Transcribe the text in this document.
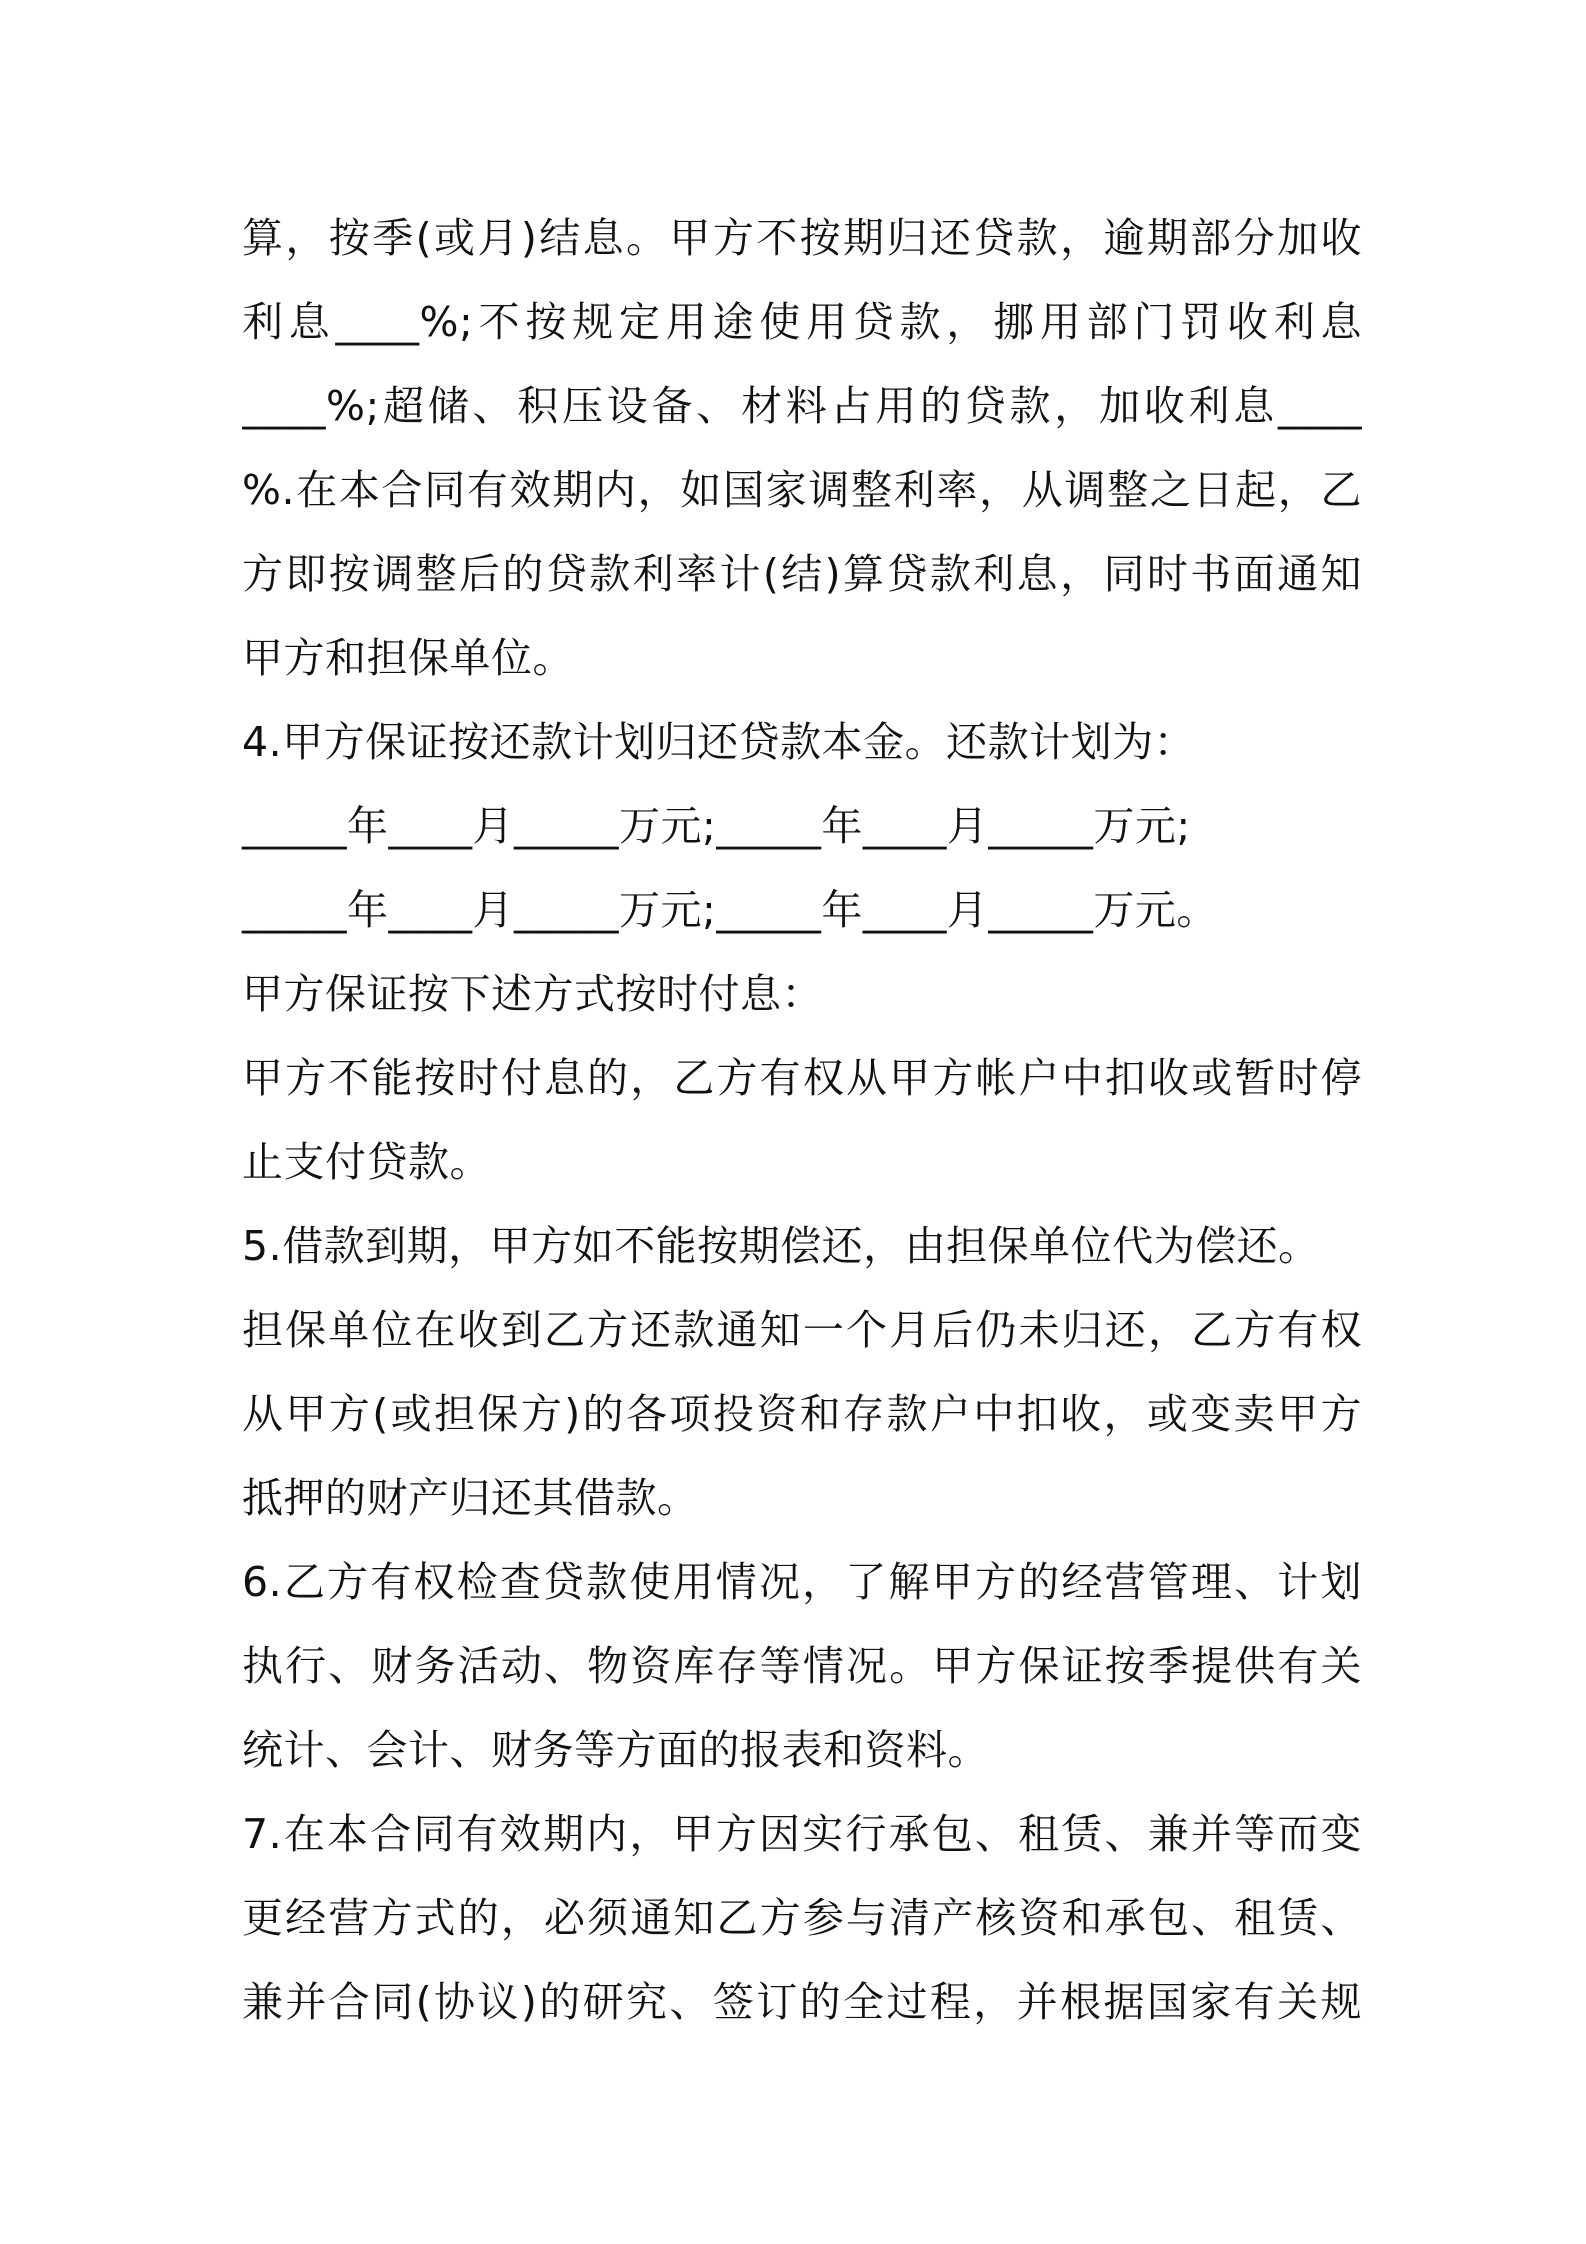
算，按季(或月)结息。甲方不按期归还贷款，逾期部分加收
利息____%;不按规定用途使用贷款，挪用部门罚收利息
____%;超储、积压设备、材料占用的贷款，加收利息____
%.在本合同有效期内，如国家调整利率，从调整之日起，乙
方即按调整后的贷款利率计(结)算贷款利息，同时书面通知
甲方和担保单位。
4.甲方保证按还款计划归还贷款本金。还款计划为：
_____年____月_____万元;_____年____月_____万元;
_____年____月_____万元;_____年____月_____万元。
甲方保证按下述方式按时付息：
甲方不能按时付息的，乙方有权从甲方帐户中扣收或暂时停
止支付贷款。
5.借款到期，甲方如不能按期偿还，由担保单位代为偿还。
担保单位在收到乙方还款通知一个月后仍未归还，乙方有权
从甲方(或担保方)的各项投资和存款户中扣收，或变卖甲方
抵押的财产归还其借款。
6.乙方有权检查贷款使用情况，了解甲方的经营管理、计划
执行、财务活动、物资库存等情况。甲方保证按季提供有关
统计、会计、财务等方面的报表和资料。
7.在本合同有效期内，甲方因实行承包、租赁、兼并等而变
更经营方式的，必须通知乙方参与清产核资和承包、租赁、
兼并合同(协议)的研究、签订的全过程，并根据国家有关规
